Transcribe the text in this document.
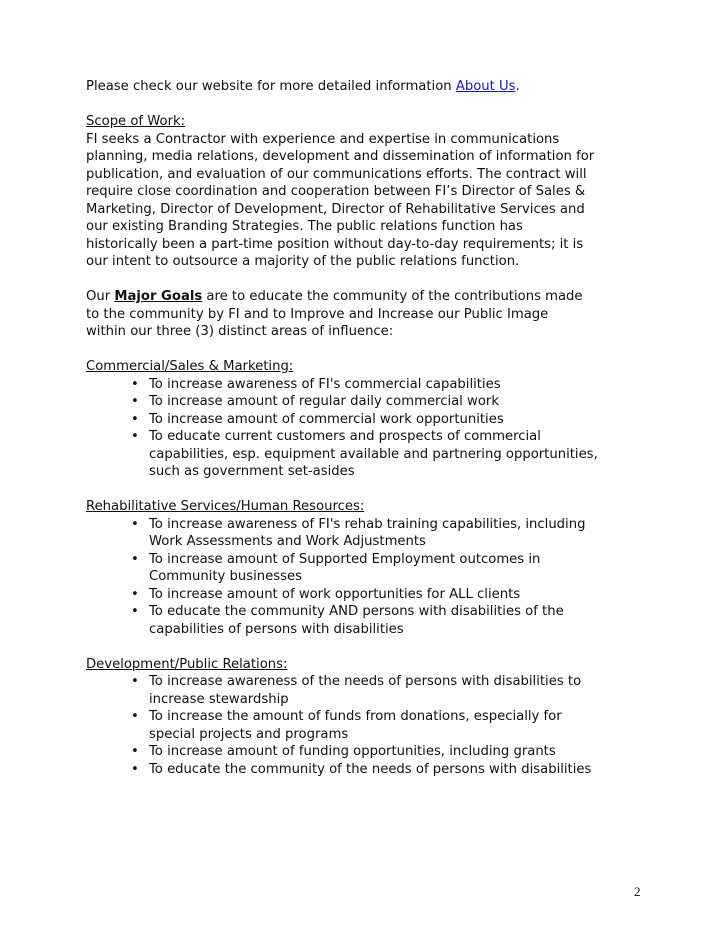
Please check our website for more detailed information About Us.

Scope of Work:
FI seeks a Contractor with experience and expertise in communications
planning, media relations, development and dissemination of information for
publication, and evaluation of our communications efforts. The contract will
require close coordination and cooperation between FI’s Director of Sales &
Marketing, Director of Development, Director of Rehabilitative Services and
our existing Branding Strategies. The public relations function has
historically been a part-time position without day-to-day requirements; it is
our intent to outsource a majority of the public relations function.
Our Major Goals are to educate the community of the contributions made
to the community by FI and to Improve and Increase our Public Image
within our three (3) distinct areas of influence:
Commercial/Sales & Marketing:
• To increase awareness of FI's commercial capabilities
• To increase amount of regular daily commercial work
• To increase amount of commercial work opportunities
• To educate current customers and prospects of commercial
capabilities, esp. equipment available and partnering opportunities,
such as government set-asides
Rehabilitative Services/Human Resources:
• To increase awareness of FI's rehab training capabilities, including
Work Assessments and Work Adjustments
• To increase amount of Supported Employment outcomes in
Community businesses
• To increase amount of work opportunities for ALL clients
• To educate the community AND persons with disabilities of the
capabilities of persons with disabilities
Development/Public Relations:
• To increase awareness of the needs of persons with disabilities to
increase stewardship
• To increase the amount of funds from donations, especially for
special projects and programs
• To increase amount of funding opportunities, including grants
• To educate the community of the needs of persons with disabilities
2
